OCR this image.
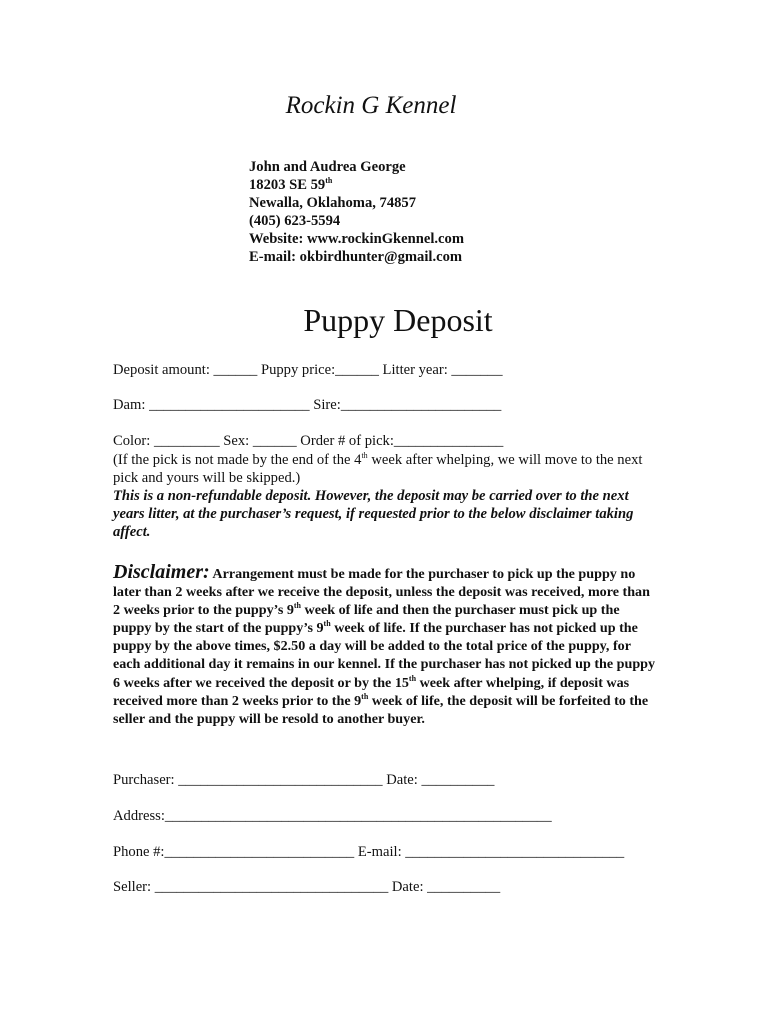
Rockin G Kennel
John and Audrea George
18203 SE 59th
Newalla, Oklahoma, 74857
(405) 623-5594
Website: www.rockinGkennel.com
E-mail: okbirdhunter@gmail.com
Puppy Deposit
Deposit amount: ______ Puppy price:______ Litter year: _______
Dam: ______________________ Sire:______________________
Color: _________ Sex: ______ Order # of pick:_______________
(If the pick is not made by the end of the 4th week after whelping, we will move to the next pick and yours will be skipped.)
This is a non-refundable deposit. However, the deposit may be carried over to the next years litter, at the purchaser’s request, if requested prior to the below disclaimer taking affect.
Disclaimer: Arrangement must be made for the purchaser to pick up the puppy no later than 2 weeks after we receive the deposit, unless the deposit was received, more than 2 weeks prior to the puppy’s 9th week of life and then the purchaser must pick up the puppy by the start of the puppy’s 9th week of life. If the purchaser has not picked up the puppy by the above times, $2.50 a day will be added to the total price of the puppy, for each additional day it remains in our kennel. If the purchaser has not picked up the puppy 6 weeks after we received the deposit or by the 15th week after whelping, if deposit was received more than 2 weeks prior to the 9th week of life, the deposit will be forfeited to the seller and the puppy will be resold to another buyer.
Purchaser: ____________________________ Date: __________
Address:_____________________________________________________
Phone #:__________________________ E-mail: ______________________________
Seller: ________________________________ Date: __________
